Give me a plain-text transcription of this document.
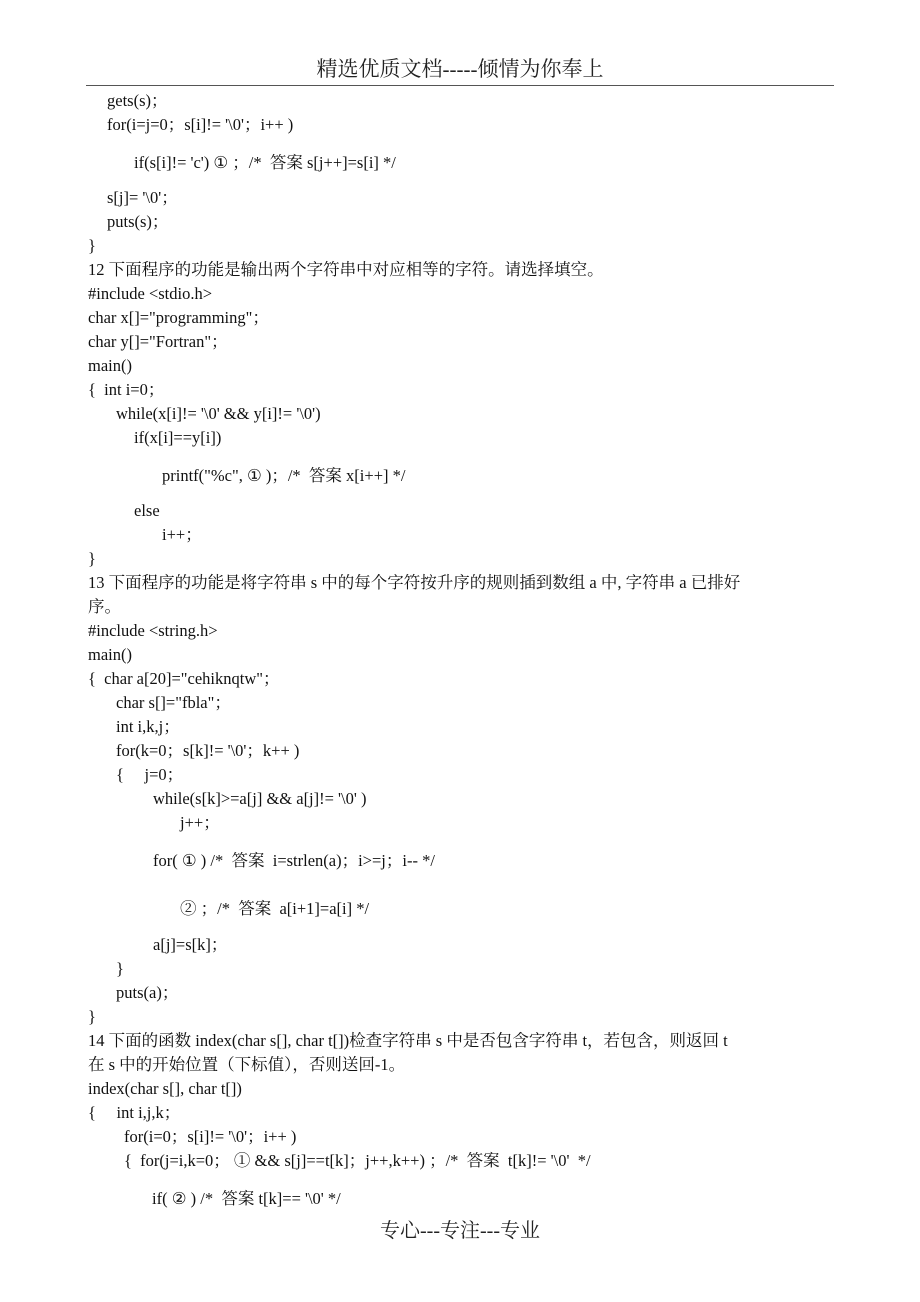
精选优质文档-----倾情为你奉上
gets(s)；
for(i=j=0；s[i]!= '\0'；i++ )
if(s[i]!= 'c') ① ；/*  答案 s[j++]=s[i] */
s[j]= '\0'；
puts(s)；
}
12 下面程序的功能是输出两个字符串中对应相等的字符。请选择填空。
#include <stdio.h>
char x[]="programming"；
char y[]="Fortran"；
main()
{  int i=0；
while(x[i]!= '\0' && y[i]!= '\0')
if(x[i]==y[i])
printf("%c", ① )；/*  答案 x[i++] */
else
i++；
}
13 下面程序的功能是将字符串 s 中的每个字符按升序的规则插到数组 a 中, 字符串 a 已排好
序。
#include <string.h>
main()
{  char a[20]="cehiknqtw"；
char s[]="fbla"；
int i,k,j；
for(k=0；s[k]!= '\0'；k++ )
{     j=0；
while(s[k]>=a[j] && a[j]!= '\0' )
j++；
for( ① ) /*  答案  i=strlen(a)；i>=j；i-- */
② ；/*  答案  a[i+1]=a[i] */
a[j]=s[k]；
}
puts(a)；
}
14 下面的函数 index(char s[], char t[])检查字符串 s 中是否包含字符串 t，若包含，则返回 t
在 s 中的开始位置（下标值），否则送回-1。
index(char s[], char t[])
{     int i,j,k；
for(i=0；s[i]!= '\0'；i++ )
{  for(j=i,k=0； ① && s[j]==t[k]；j++,k++) ；/*  答案  t[k]!= '\0'  */
if( ② ) /*  答案 t[k]== '\0' */
专心---专注---专业
